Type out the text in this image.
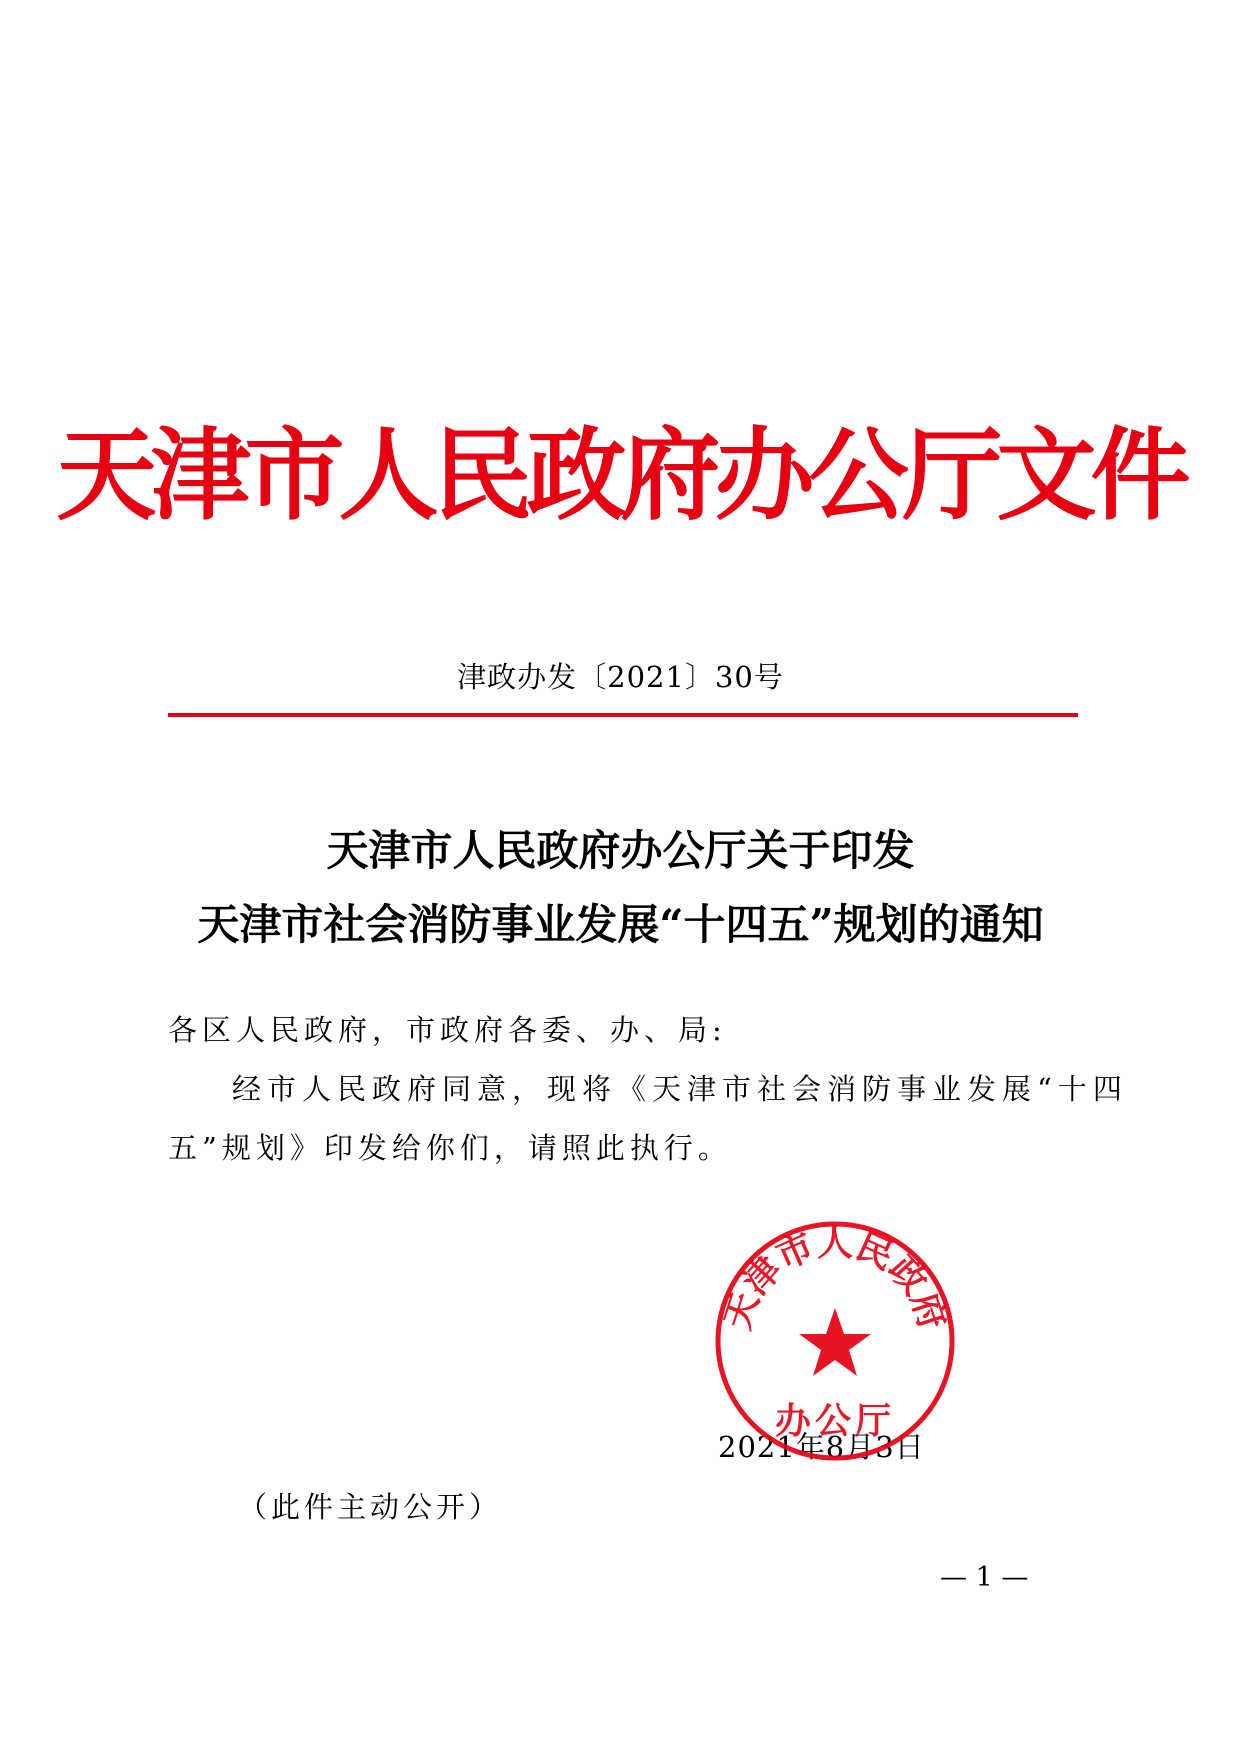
天津市人民政府办公厅文件
津政办发〔2021〕30号
天津市人民政府办公厅关于印发
天津市社会消防事业发展“十四五”规划的通知
各区人民政府，市政府各委、办、局:
经市人民政府同意，现将《天津市社会消防事业发展“十四
五”规划》印发给你们，请照此执行。
2021年8月3日
天津市人民政府
办公厅
（此件主动公开）
— 1 —
